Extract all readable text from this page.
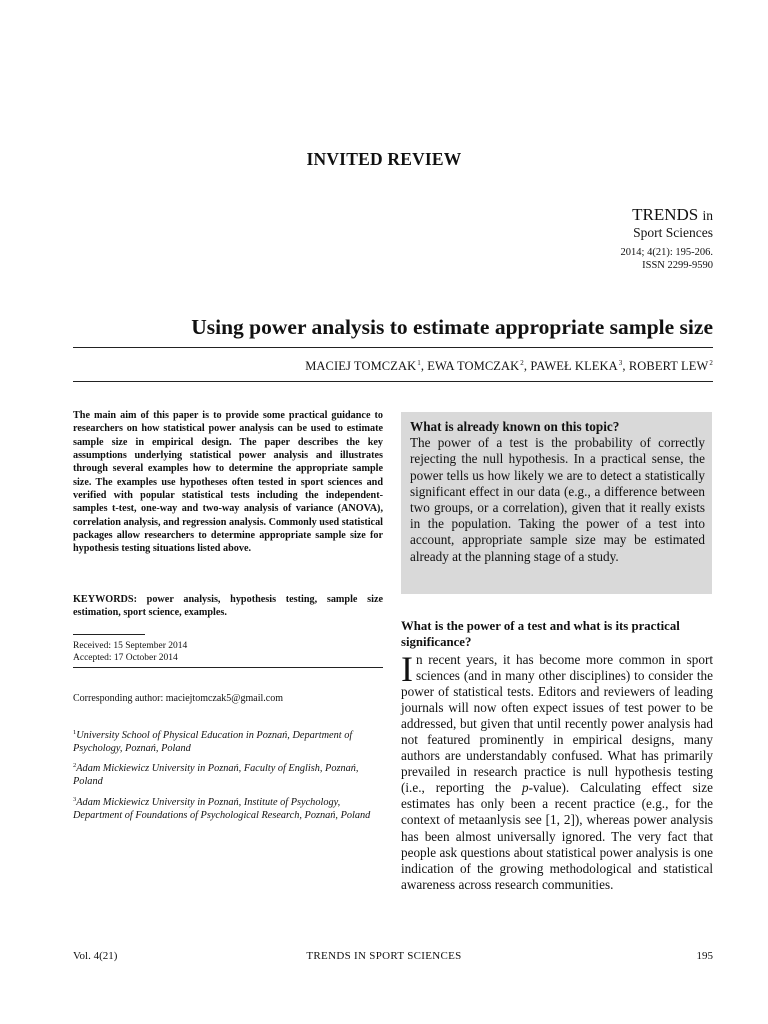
INVITED REVIEW
TRENDS in
Sport Sciences
2014; 4(21): 195-206.
ISSN 2299-9590
Using power analysis to estimate appropriate sample size
MACIEJ TOMCZAK$^1$, EWA TOMCZAK$^2$, PAWEŁ KLEKA$^3$, ROBERT LEW$^2$
The main aim of this paper is to provide some practical guidance to researchers on how statistical power analysis can be used to estimate sample size in empirical design. The paper describes the key assumptions underlying statistical power analysis and illustrates through several examples how to determine the appropriate sample size. The examples use hypotheses often tested in sport sciences and verified with popular statistical tests including the independent-samples t-test, one-way and two-way analysis of variance (ANOVA), correlation analysis, and regression analysis. Commonly used statistical packages allow researchers to determine appropriate sample size for hypothesis testing situations listed above.
KEYWORDS: power analysis, hypothesis testing, sample size estimation, sport science, examples.
Received: 15 September 2014
Accepted: 17 October 2014
Corresponding author: maciejtomczak5@gmail.com
$^1$University School of Physical Education in Poznań, Department of Psychology, Poznań, Poland
$^2$Adam Mickiewicz University in Poznań, Faculty of English, Poznań, Poland
$^3$Adam Mickiewicz University in Poznań, Institute of Psychology, Department of Foundations of Psychological Research, Poznań, Poland
What is already known on this topic?
The power of a test is the probability of correctly rejecting the null hypothesis. In a practical sense, the power tells us how likely we are to detect a statistically significant effect in our data (e.g., a difference between two groups, or a correlation), given that it really exists in the population. Taking the power of a test into account, appropriate sample size may be estimated already at the planning stage of a study.
What is the power of a test and what is its practical significance?
In recent years, it has become more common in sport sciences (and in many other disciplines) to consider the power of statistical tests. Editors and reviewers of leading journals will now often expect issues of test power to be addressed, but given that until recently power analysis had not featured prominently in empirical designs, many authors are understandably confused. What has primarily prevailed in research practice is null hypothesis testing (i.e., reporting the p-value). Calculating effect size estimates has only been a recent practice (e.g., for the context of metaanlysis see [1, 2]), whereas power analysis has been almost universally ignored. The very fact that people ask questions about statistical power analysis is one indication of the growing methodological and statistical awareness across research communities.
Vol. 4(21)	TRENDS IN SPORT SCIENCES	195
